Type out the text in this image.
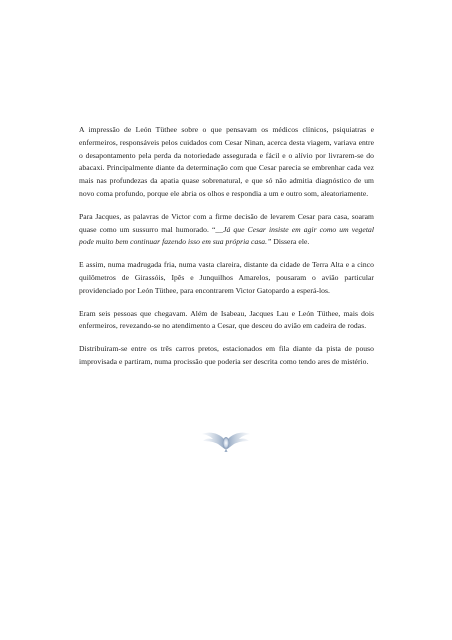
A impressão de León Tüthee sobre o que pensavam os médicos clínicos, psiquiatras e enfermeiros, responsáveis pelos cuidados com Cesar Ninan, acerca desta viagem, variava entre o desapontamento pela perda da notoriedade assegurada e fácil e o alívio por livrarem-se do abacaxi. Principalmente diante da determinação com que Cesar parecia se embrenhar cada vez mais nas profundezas da apatia quase sobrenatural, e que só não admitia diagnóstico de um novo coma profundo, porque ele abria os olhos e respondia a um e outro som, aleatoriamente.

Para Jacques, as palavras de Victor com a firme decisão de levarem Cesar para casa, soaram quase como um sussurro mal humorado. “__Já que Cesar insiste em agir como um vegetal pode muito bem continuar fazendo isso em sua própria casa.” Dissera ele.

E assim, numa madrugada fria, numa vasta clareira, distante da cidade de Terra Alta e a cinco quilômetros de Girassóis, Ipês e Junquilhos Amarelos, pousaram o avião particular providenciado por León Tüthee, para encontrarem Victor Gatopardo a esperá-los.

Eram seis pessoas que chegavam. Além de Isabeau, Jacques Lau e León Tüthee, mais dois enfermeiros, revezando-se no atendimento a Cesar, que desceu do avião em cadeira de rodas.

Distribuíram-se entre os três carros pretos, estacionados em fila diante da pista de pouso improvisada e partiram, numa procissão que poderia ser descrita como tendo ares de mistério.
